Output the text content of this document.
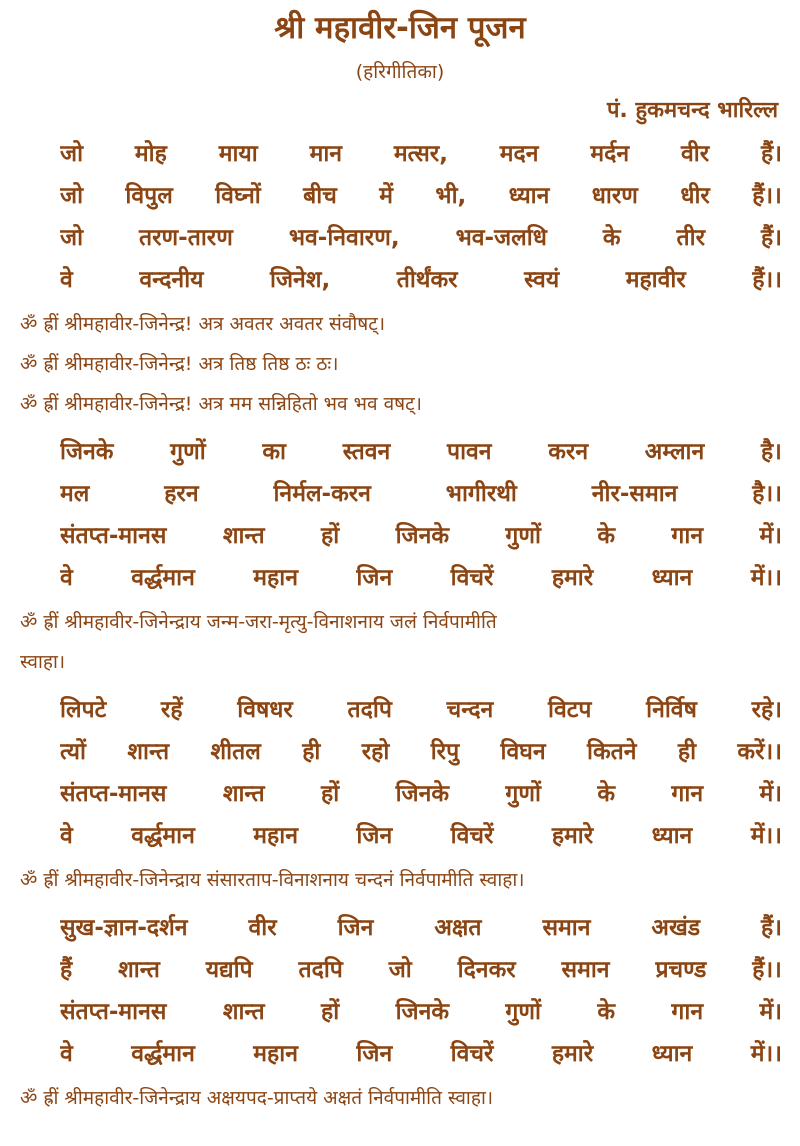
श्री महावीर-जिन पूजन
(हरिगीतिका)
पं. हुकमचन्द भारिल्ल
जो मोह माया मान मत्सर, मदन मर्दन वीर हैं।
जो विपुल विघ्नों बीच में भी, ध्यान धारण धीर हैं।।
जो तरण-तारण भव-निवारण, भव-जलधि के तीर हैं।
वे	वन्दनीय	जिनेश,	तीर्थंकर	स्वयं	महावीर	हैं।।
ॐ ह्रीं श्रीमहावीर-जिनेन्द्र! अत्र अवतर अवतर संवौषट्।
ॐ ह्रीं श्रीमहावीर-जिनेन्द्र! अत्र तिष्ठ तिष्ठ ठः ठः।
ॐ ह्रीं श्रीमहावीर-जिनेन्द्र! अत्र मम सन्निहितो भव भव वषट्।
जिनके गुणों का स्तवन पावन करन अम्लान है।
मल	हरन	निर्मल-करन	भागीरथी	नीर-समान	है।।
संतप्त-मानस शान्त हों जिनके गुणों के गान में।
वे	वर्द्धमान	महान	जिन	विचरें	हमारे	ध्यान	में।।
ॐ ह्रीं श्रीमहावीर-जिनेन्द्राय जन्म-जरा-मृत्यु-विनाशनाय जलं निर्वपामीति
स्वाहा।
लिपटे रहें विषधर तदपि चन्दन विटप निर्विष रहे।
त्यों शान्त शीतल ही रहो रिपु विघन कितने ही करें।।
संतप्त-मानस शान्त हों जिनके गुणों के गान में।
वे	वर्द्धमान	महान	जिन	विचरें	हमारे	ध्यान	में।।
ॐ ह्रीं श्रीमहावीर-जिनेन्द्राय संसारताप-विनाशनाय चन्दनं निर्वपामीति स्वाहा।
सुख-ज्ञान-दर्शन	वीर	जिन	अक्षत	समान	अखंड	हैं।
हैं शान्त यद्यपि तदपि जो दिनकर समान प्रचण्ड हैं।।
संतप्त-मानस शान्त हों जिनके गुणों के गान में।
वे	वर्द्धमान	महान	जिन	विचरें	हमारे	ध्यान	में।।
ॐ ह्रीं श्रीमहावीर-जिनेन्द्राय अक्षयपद-प्राप्तये अक्षतं निर्वपामीति स्वाहा।
